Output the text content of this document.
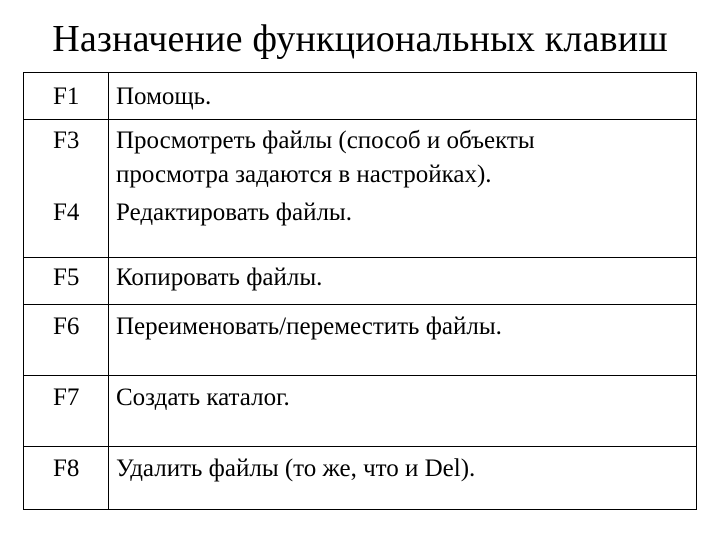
Назначение функциональных клавиш
F1 Помощь.
F3 Просмотреть файлы (способ и объекты
просмотра задаются в настройках).
F4 Редактировать файлы.
F5 Копировать файлы.
F6 Переименовать/переместить файлы.
F7 Создать каталог.
F8 Удалить файлы (то же, что и Del).
